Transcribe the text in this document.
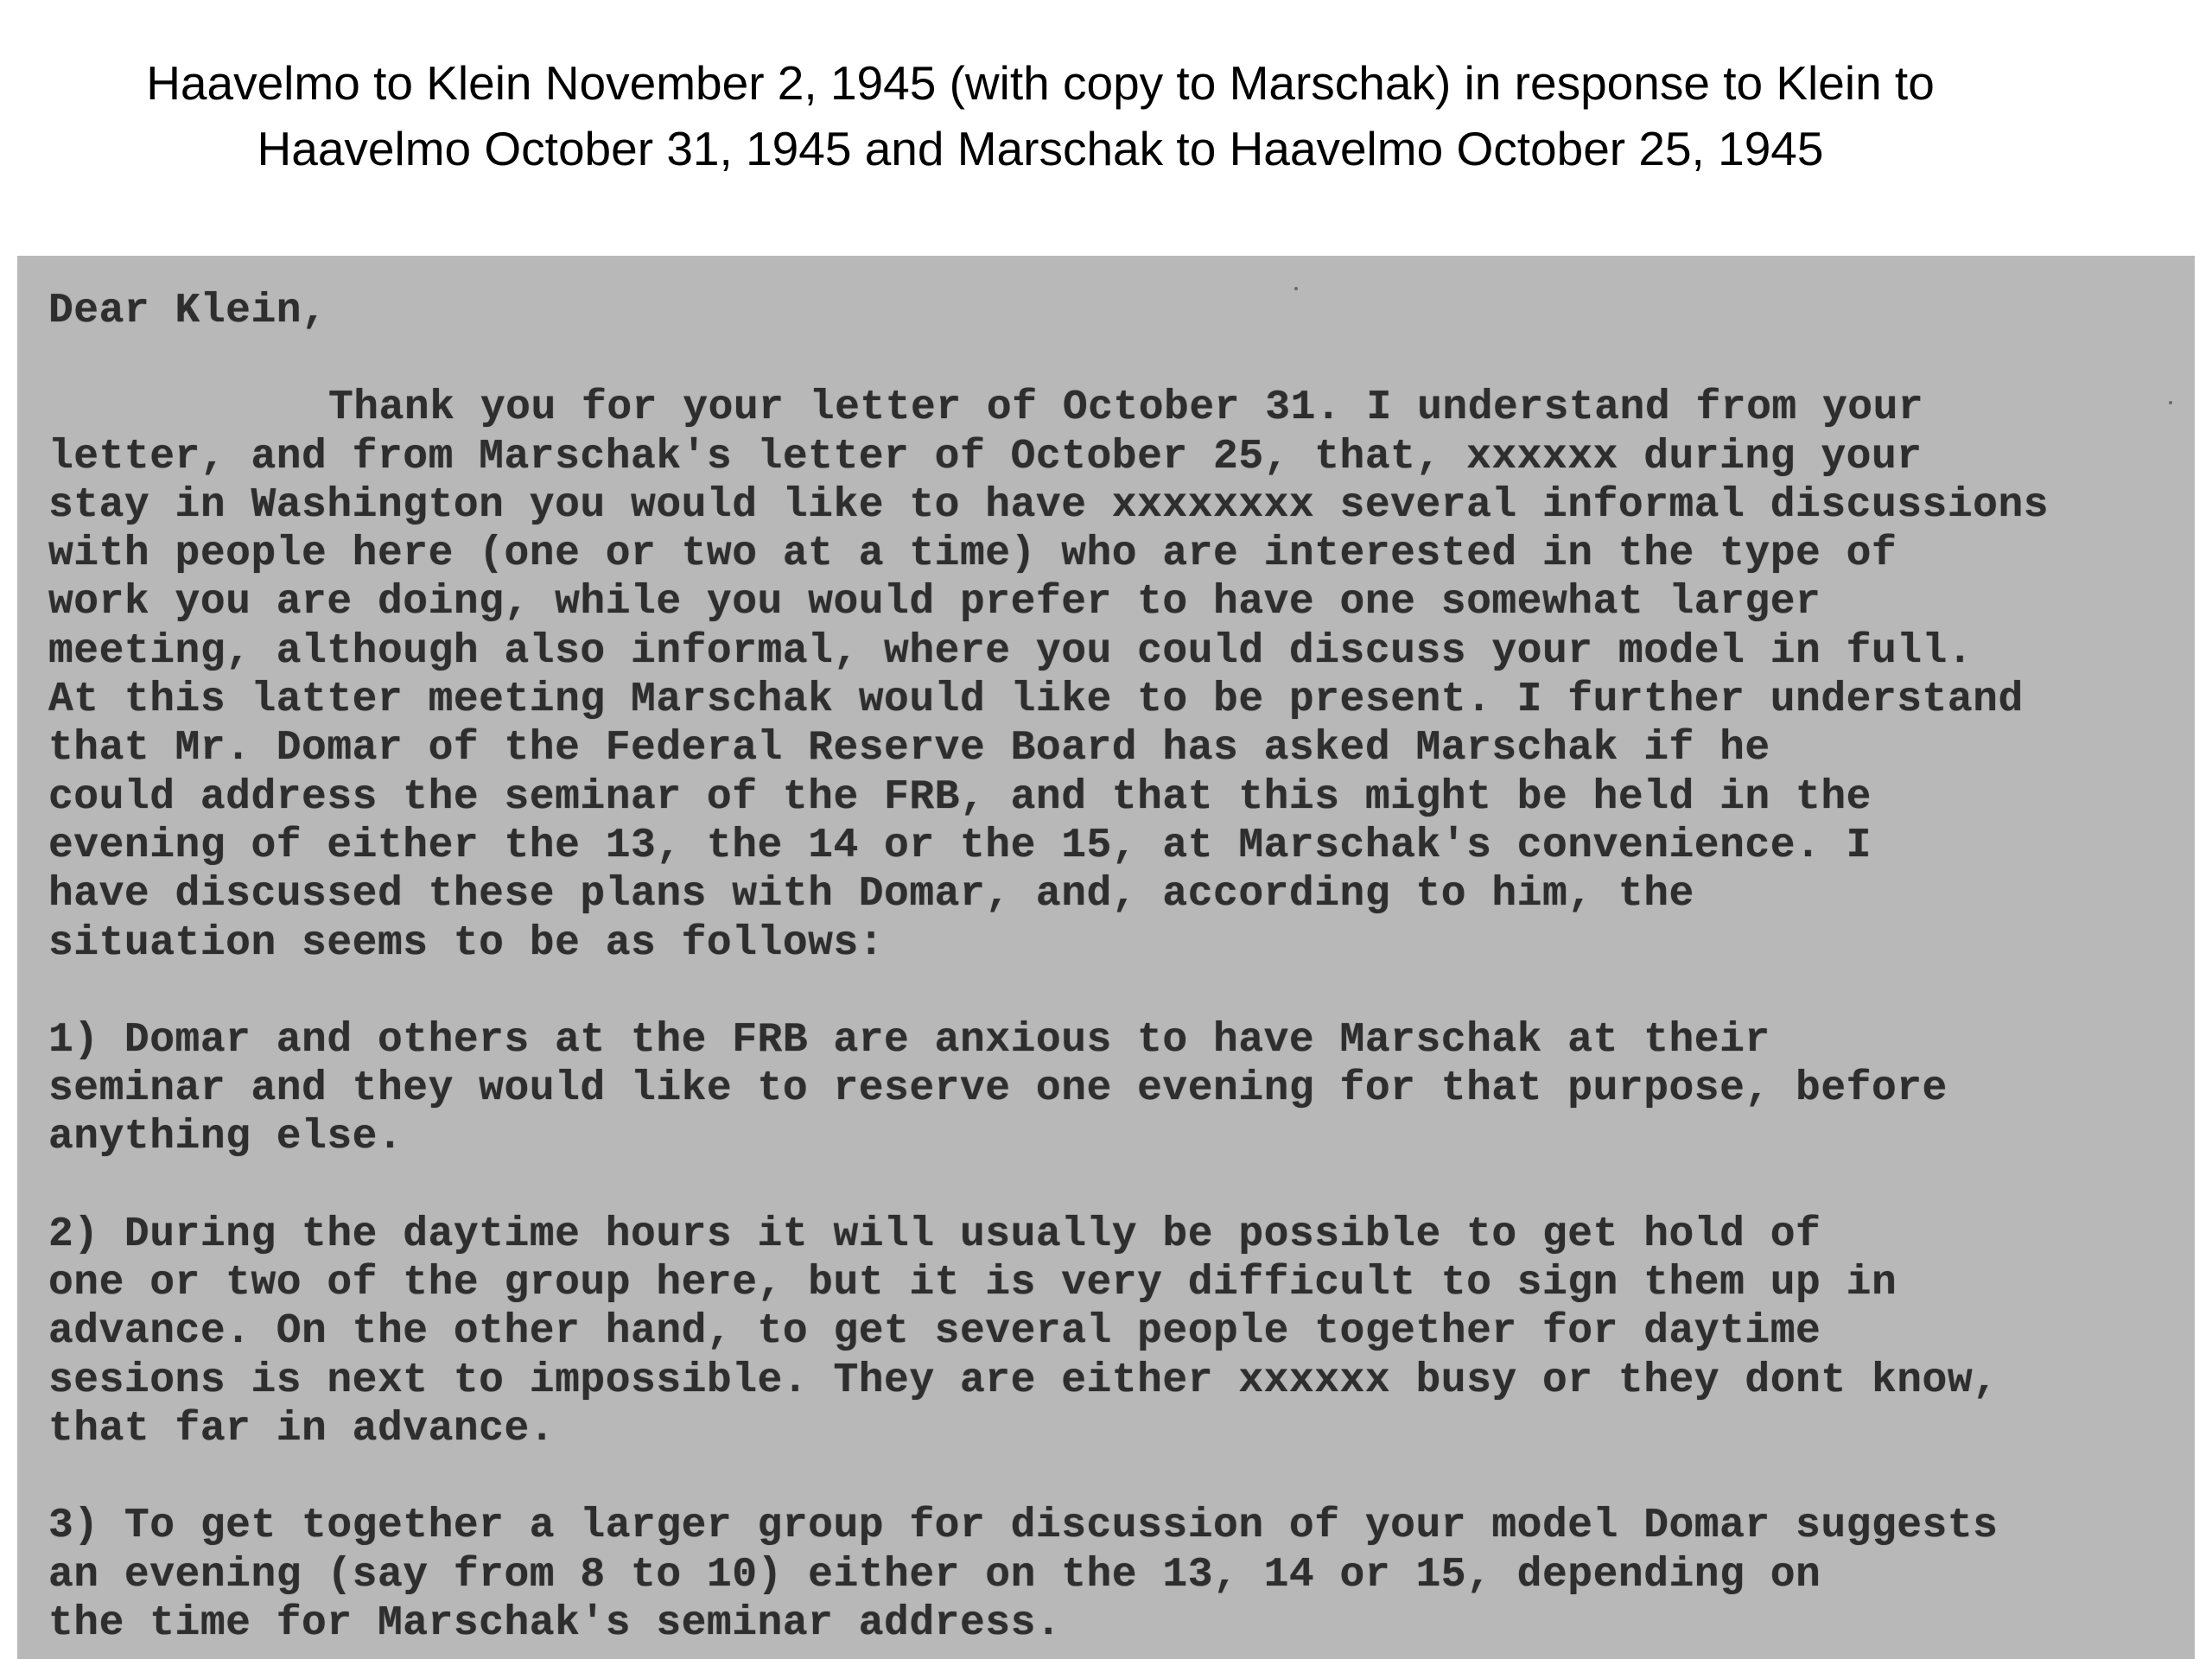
Haavelmo to Klein November 2, 1945 (with copy to Marschak) in response to Klein to
Haavelmo October 31, 1945 and Marschak to Haavelmo October 25, 1945
Dear Klein,
Thank you for your letter of October 31. I understand from your
letter, and from Marschak's letter of October 25, that, xxxxxx during your
stay in Washington you would like to have xxxxxxxx several informal discussions
with people here (one or two at a time) who are interested in the type of
work you are doing, while you would prefer to have one somewhat larger
meeting, although also informal, where you could discuss your model in full.
At this latter meeting Marschak would like to be present. I further understand
that Mr. Domar of the Federal Reserve Board has asked Marschak if he
could address the seminar of the FRB, and that this might be held in the
evening of either the 13, the 14 or the 15, at Marschak's convenience. I
have discussed these plans with Domar, and, according to him, the
situation seems to be as follows:
1) Domar and others at the FRB are anxious to have Marschak at their
seminar and they would like to reserve one evening for that purpose, before
anything else.
2) During the daytime hours it will usually be possible to get hold of
one or two of the group here, but it is very difficult to sign them up in
advance. On the other hand, to get several people together for daytime
sesions is next to impossible. They are either xxxxxx busy or they dont know,
that far in advance.
3) To get together a larger group for discussion of your model Domar suggests
an evening (say from 8 to 10) either on the 13, 14 or 15, depending on
the time for Marschak's seminar address.
